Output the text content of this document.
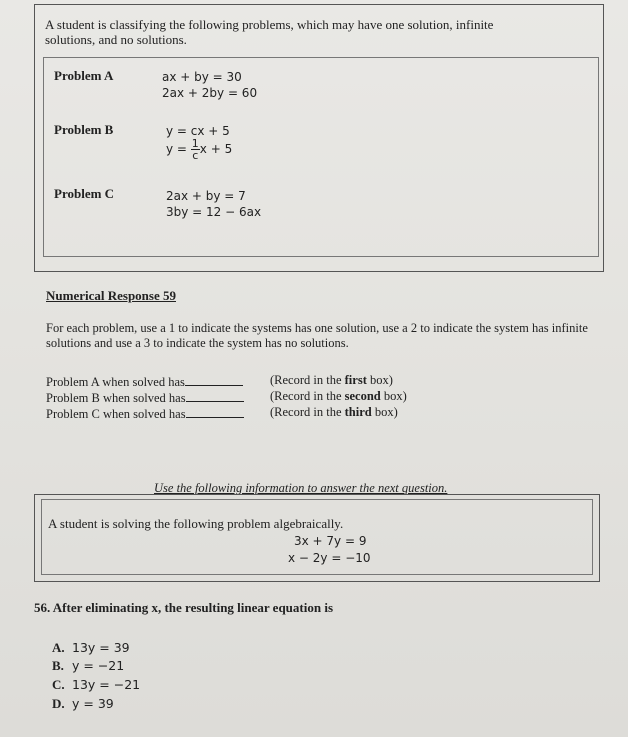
A student is classifying the following problems, which may have one solution, infinite
solutions, and no solutions.
Problem A	ax + by = 30
2ax + 2by = 60
Problem B	y = cx + 5
$y = \frac{1}{c}$ x + 5
Problem C	2ax + by = 7
3by = 12 − 6ax
Numerical Response 59
For each problem, use a 1 to indicate the systems has one solution, use a 2 to indicate the system has infinite solutions and use a 3 to indicate the system has no solutions.
Problem A when solved has	(Record in the first box)
Problem B when solved has	(Record in the second box)
Problem C when solved has	(Record in the third box)
Use the following information to answer the next question.
A student is solving the following problem algebraically.
3x + 7y = 9
x − 2y = −10
56. After eliminating x, the resulting linear equation is
A. 13y = 39
B. y = −21
C. 13y = −21
D. y = 39
